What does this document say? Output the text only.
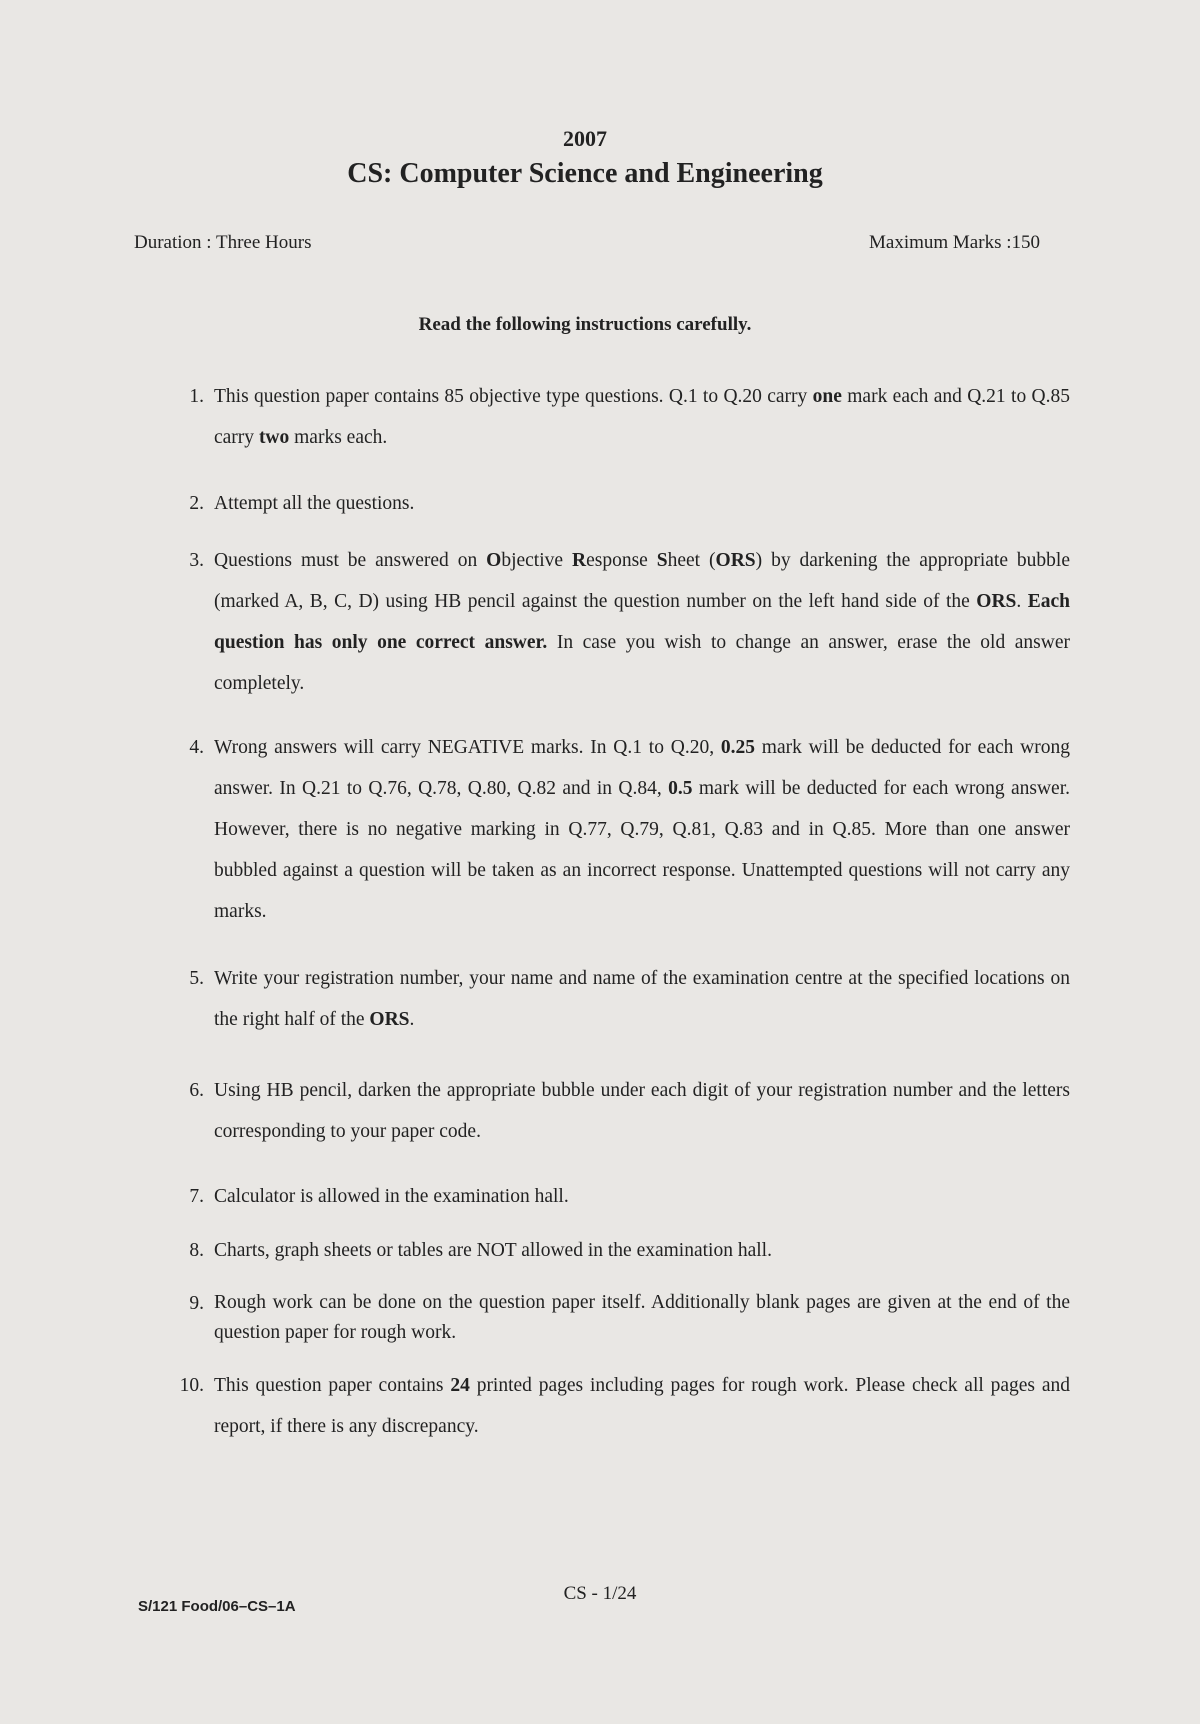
2007
CS: Computer Science and Engineering
Duration : Three Hours	Maximum Marks :150
Read the following instructions carefully.
1. This question paper contains 85 objective type questions. Q.1 to Q.20 carry one mark each and Q.21 to Q.85 carry two marks each.
2. Attempt all the questions.
3. Questions must be answered on Objective Response Sheet (ORS) by darkening the appropriate bubble (marked A, B, C, D) using HB pencil against the question number on the left hand side of the ORS. Each question has only one correct answer. In case you wish to change an answer, erase the old answer completely.
4. Wrong answers will carry NEGATIVE marks. In Q.1 to Q.20, 0.25 mark will be deducted for each wrong answer. In Q.21 to Q.76, Q.78, Q.80, Q.82 and in Q.84, 0.5 mark will be deducted for each wrong answer. However, there is no negative marking in Q.77, Q.79, Q.81, Q.83 and in Q.85. More than one answer bubbled against a question will be taken as an incorrect response. Unattempted questions will not carry any marks.
5. Write your registration number, your name and name of the examination centre at the specified locations on the right half of the ORS.
6. Using HB pencil, darken the appropriate bubble under each digit of your registration number and the letters corresponding to your paper code.
7. Calculator is allowed in the examination hall.
8. Charts, graph sheets or tables are NOT allowed in the examination hall.
9. Rough work can be done on the question paper itself. Additionally blank pages are given at the end of the question paper for rough work.
10. This question paper contains 24 printed pages including pages for rough work. Please check all pages and report, if there is any discrepancy.
S/121 Food/06–CS–1A
CS - 1/24
